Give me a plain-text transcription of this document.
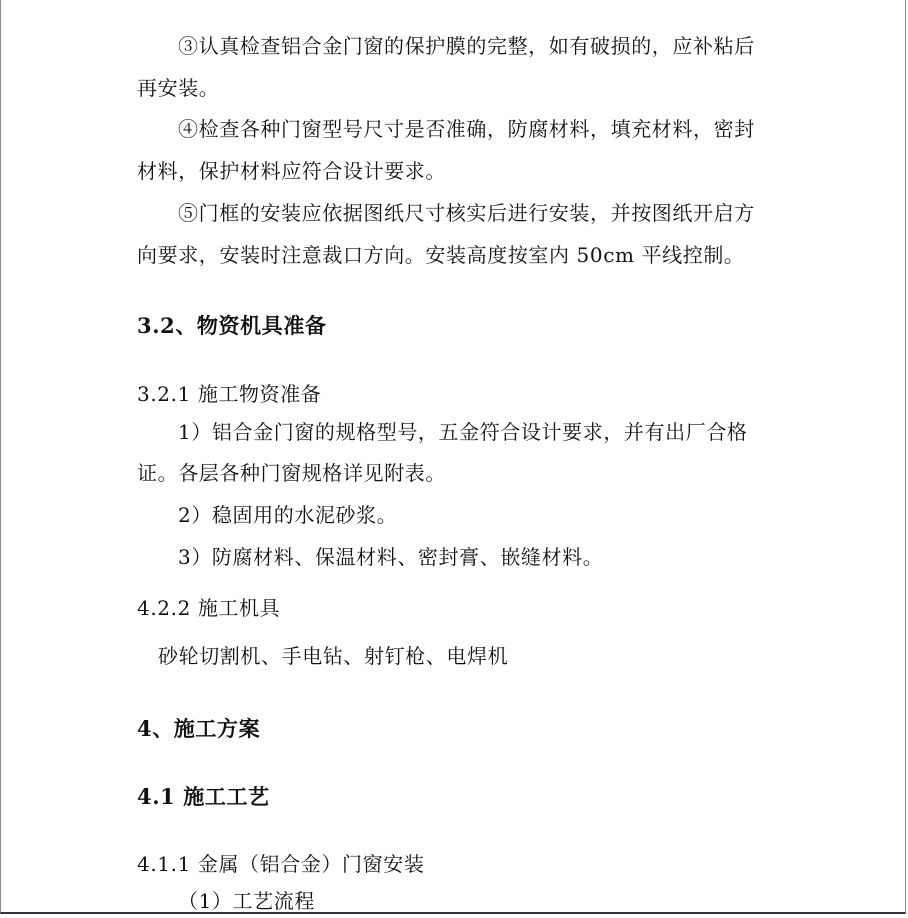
③认真检查铝合金门窗的保护膜的完整，如有破损的，应补粘后
再安装。
④检查各种门窗型号尺寸是否准确，防腐材料，填充材料，密封
材料，保护材料应符合设计要求。
⑤门框的安装应依据图纸尺寸核实后进行安装，并按图纸开启方
向要求，安装时注意裁口方向。安装高度按室内 50cm 平线控制。
3.2、物资机具准备
3.2.1 施工物资准备
1）铝合金门窗的规格型号，五金符合设计要求，并有出厂合格
证。各层各种门窗规格详见附表。
2）稳固用的水泥砂浆。
3）防腐材料、保温材料、密封膏、嵌缝材料。
4.2.2 施工机具
砂轮切割机、手电钻、射钉枪、电焊机
4、施工方案
4.1 施工工艺
4.1.1 金属（铝合金）门窗安装
（1）工艺流程
